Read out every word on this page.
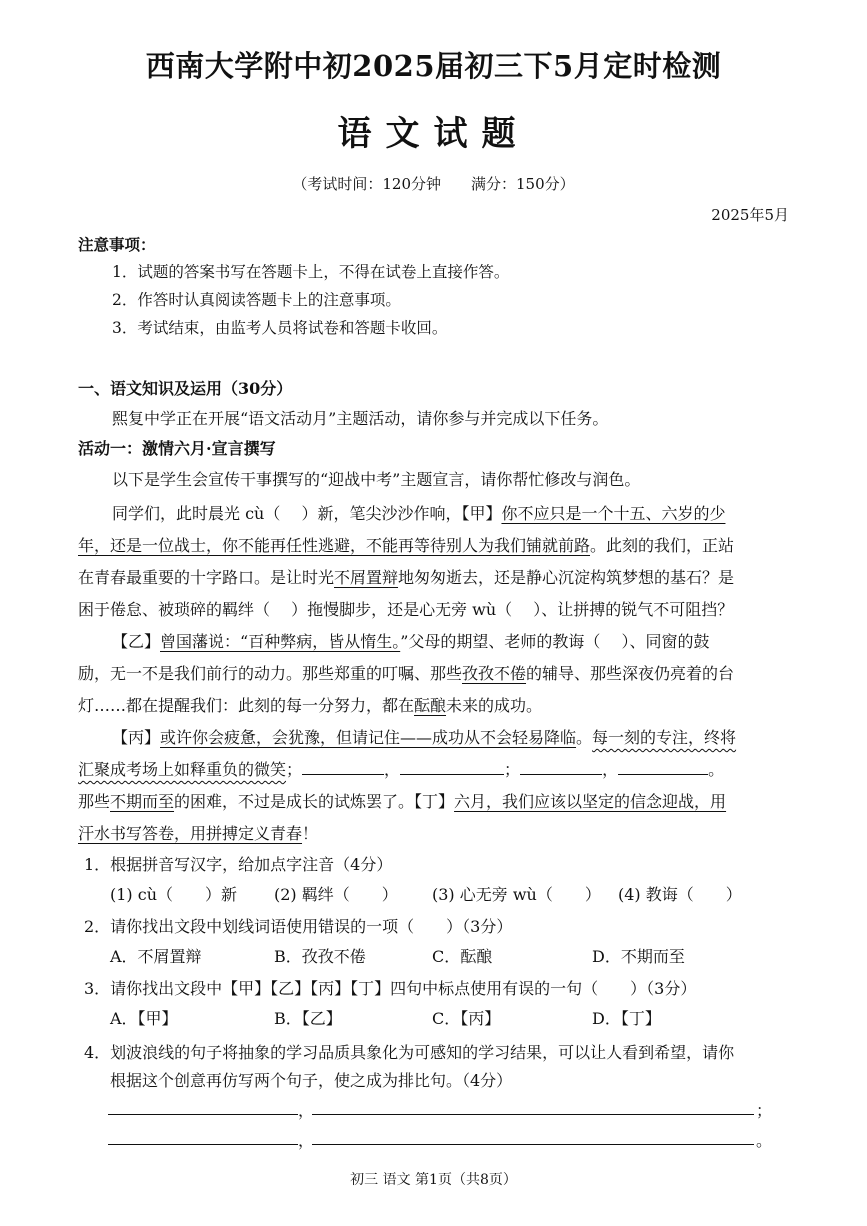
西南大学附中初2025届初三下5月定时检测
语文试题
（考试时间：120分钟　　满分：150分）
2025年5月
注意事项：
1．试题的答案书写在答题卡上，不得在试卷上直接作答。
2．作答时认真阅读答题卡上的注意事项。
3．考试结束，由监考人员将试卷和答题卡收回。
一、语文知识及运用（30分）
熙复中学正在开展“语文活动月”主题活动，请你参与并完成以下任务。
活动一：激情六月·宣言撰写
以下是学生会宣传干事撰写的“迎战中考”主题宣言，请你帮忙修改与润色。
同学们，此时晨光 cù（　 ）新，笔尖沙沙作响，【甲】你不应只是一个十五、六岁的少
年，还是一位战士，你不能再任性逃避，不能再等待别人为我们铺就前路。此刻的我们，正站
在青春最重要的十字路口。是让时光不屑置辩地匆匆逝去，还是静心沉淀构筑梦想的基石？是
困于倦怠、被琐碎的羁绊（　 ）拖慢脚步，还是心无旁 wù（　 ）、让拼搏的锐气不可阻挡？
【乙】曾国藩说：“百种弊病，皆从惰生。”父母的期望、老师的教诲（　 ）、同窗的鼓
励，无一不是我们前行的动力。那些郑重的叮嘱、那些孜孜不倦的辅导、那些深夜仍亮着的台
灯……都在提醒我们：此刻的每一分努力，都在酝酿未来的成功。
【丙】或许你会疲惫，会犹豫，但请记住——成功从不会轻易降临。每一刻的专注，终将
汇聚成考场上如释重负的微笑；	，	；	，	。
那些不期而至的困难，不过是成长的试炼罢了。【丁】六月，我们应该以坚定的信念迎战，用
汗水书写答卷，用拼搏定义青春！
1．根据拼音写汉字，给加点字注音（4分）
(1) cù（　　）新 (2) 羁绊（　　） (3) 心无旁 wù（　　） (4) 教诲（　　）
2．请你找出文段中划线词语使用错误的一项（　　）（3分）
A．不屑置辩	B．孜孜不倦	C．酝酿	D．不期而至
3．请你找出文段中【甲】【乙】【丙】【丁】四句中标点使用有误的一句（　　）（3分）
A．【甲】	B．【乙】	C．【丙】	D．【丁】
4．划波浪线的句子将抽象的学习品质具象化为可感知的学习结果，可以让人看到希望，请你
根据这个创意再仿写两个句子，使之成为排比句。（4分）
，	；
，	。
初三 语文 第1页（共8页）
